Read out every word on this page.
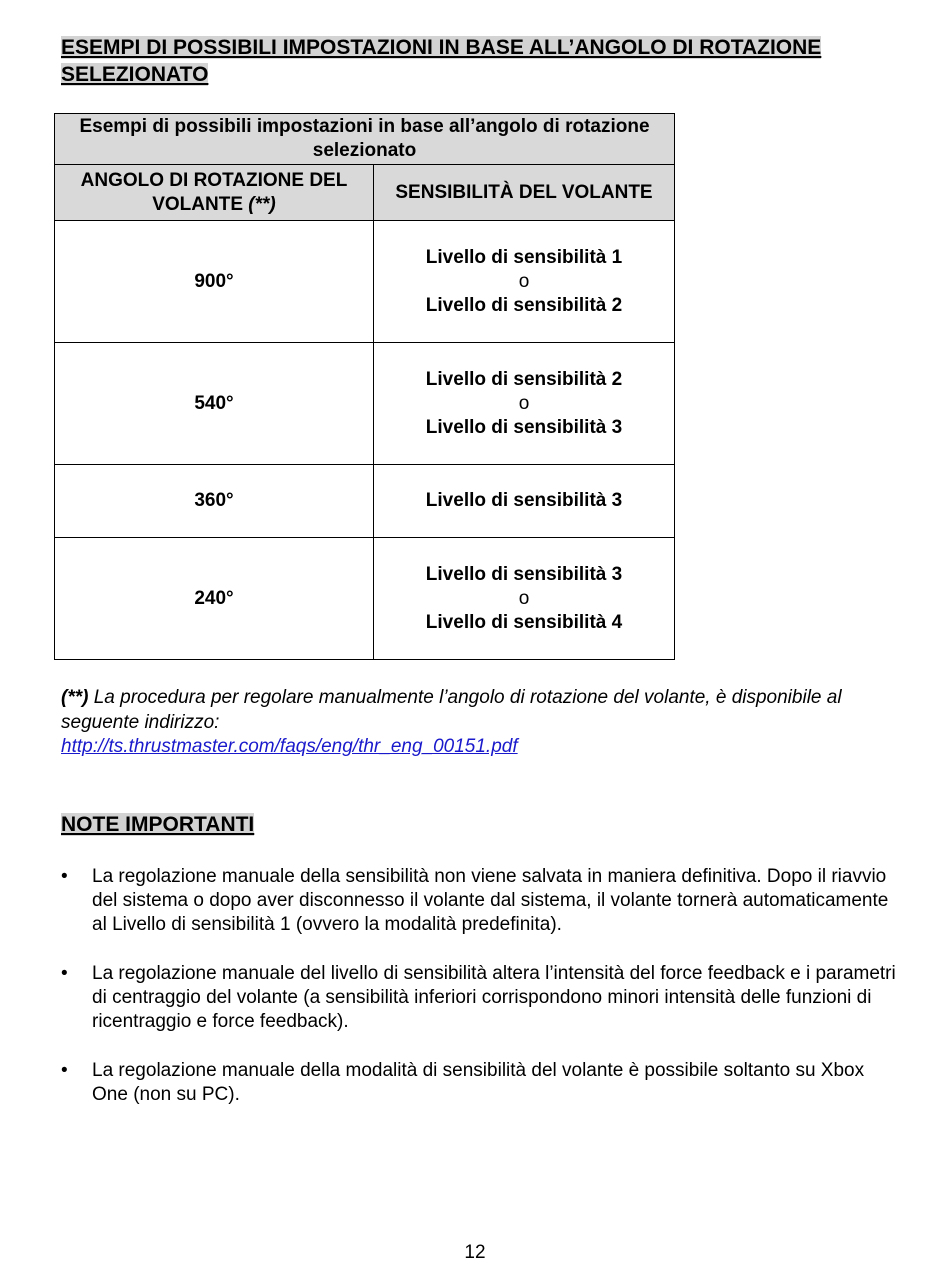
ESEMPI DI POSSIBILI IMPOSTAZIONI IN BASE ALL’ANGOLO DI ROTAZIONE SELEZIONATO
Esempi di possibili impostazioni in base all’angolo di rotazione selezionato	
ANGOLO DI ROTAZIONE DEL VOLANTE (**)	SENSIBILITÀ DEL VOLANTE
900°	Livello di sensibilità 1
o
Livello di sensibilità 2
540°	Livello di sensibilità 2
o
Livello di sensibilità 3
360°	Livello di sensibilità 3
240°	Livello di sensibilità 3
o
Livello di sensibilità 4
(**) La procedura per regolare manualmente l’angolo di rotazione del volante, è disponibile al seguente indirizzo:
http://ts.thrustmaster.com/faqs/eng/thr_eng_00151.pdf
NOTE IMPORTANTI
• La regolazione manuale della sensibilità non viene salvata in maniera definitiva. Dopo il riavvio del sistema o dopo aver disconnesso il volante dal sistema, il volante tornerà automaticamente al Livello di sensibilità 1 (ovvero la modalità predefinita).
• La regolazione manuale del livello di sensibilità altera l’intensità del force feedback e i parametri di centraggio del volante (a sensibilità inferiori corrispondono minori intensità delle funzioni di ricentraggio e force feedback).
• La regolazione manuale della modalità di sensibilità del volante è possibile soltanto su Xbox One (non su PC).
12
